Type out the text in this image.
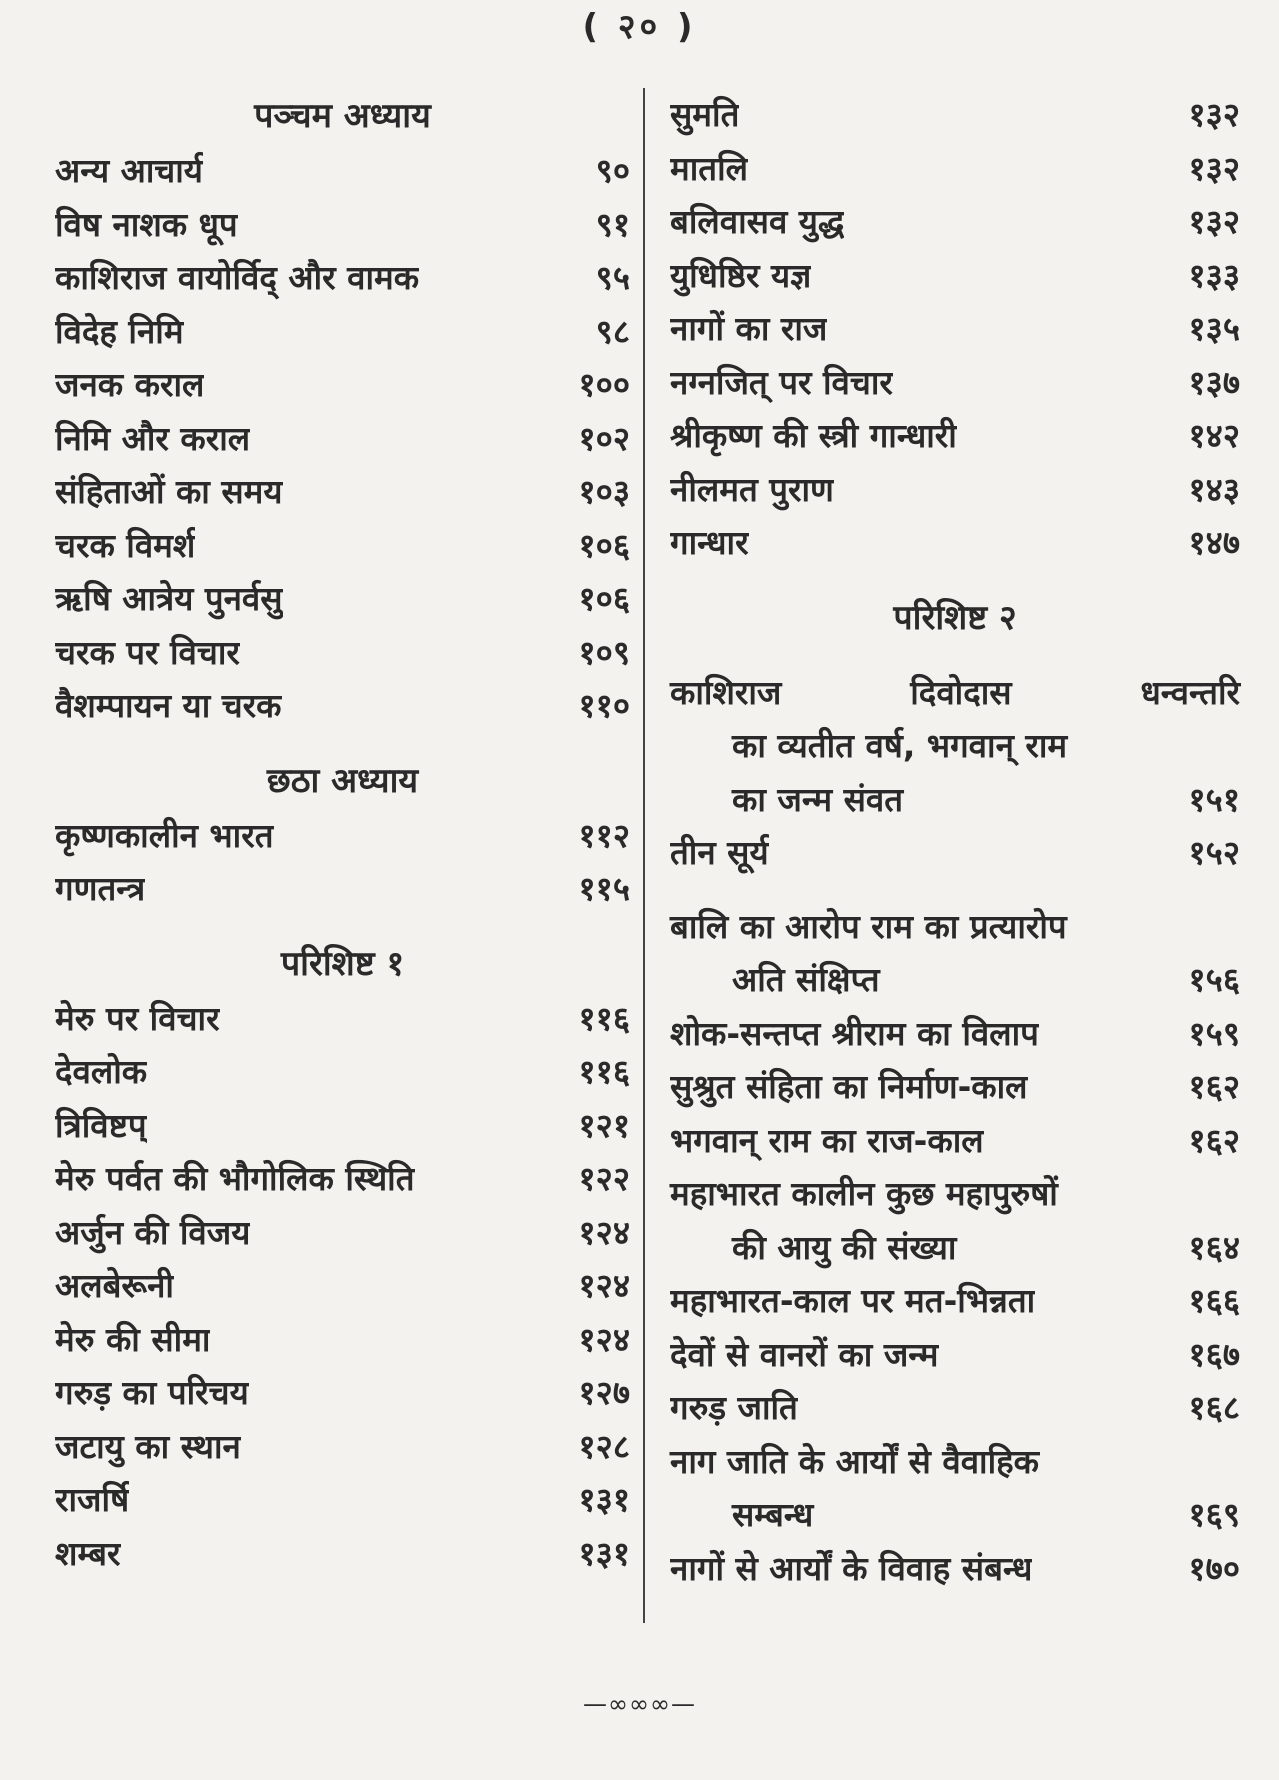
( २० )
पञ्चम अध्याय
अन्य आचार्य	९०
विष नाशक धूप	९१
काशिराज वायोर्विद् और वामक	९५
विदेह निमि	९८
जनक कराल	१००
निमि और कराल	१०२
संहिताओं का समय	१०३
चरक विमर्श	१०६
ऋषि आत्रेय पुनर्वसु	१०६
चरक पर विचार	१०९
वैशम्पायन या चरक	११०
छठा अध्याय
कृष्णकालीन भारत	११२
गणतन्त्र	११५
परिशिष्ट १
मेरु पर विचार	११६
देवलोक	११६
त्रिविष्टप्	१२१
मेरु पर्वत की भौगोलिक स्थिति	१२२
अर्जुन की विजय	१२४
अलबेरूनी	१२४
मेरु की सीमा	१२४
गरुड़ का परिचय	१२७
जटायु का स्थान	१२८
राजर्षि	१३१
शम्बर	१३१
सुमति	१३२
मातलि	१३२
बलिवासव युद्ध	१३२
युधिष्ठिर यज्ञ	१३३
नागों का राज	१३५
नग्नजित् पर विचार	१३७
श्रीकृष्ण की स्त्री गान्धारी	१४२
नीलमत पुराण	१४३
गान्धार	१४७
परिशिष्ट २
काशिराज दिवोदास धन्वन्तरि
का व्यतीत वर्ष, भगवान् राम
का जन्म संवत	१५१
तीन सूर्य	१५२
बालि का आरोप राम का प्रत्यारोप
अति संक्षिप्त	१५६
शोक-सन्तप्त श्रीराम का विलाप	१५९
सुश्रुत संहिता का निर्माण-काल	१६२
भगवान् राम का राज-काल	१६२
महाभारत कालीन कुछ महापुरुषों
की आयु की संख्या	१६४
महाभारत-काल पर मत-भिन्नता	१६६
देवों से वानरों का जन्म	१६७
गरुड़ जाति	१६८
नाग जाति के आर्यों से वैवाहिक
सम्बन्ध	१६९
नागों से आर्यों के विवाह संबन्ध	१७०
—∞∞∞—
